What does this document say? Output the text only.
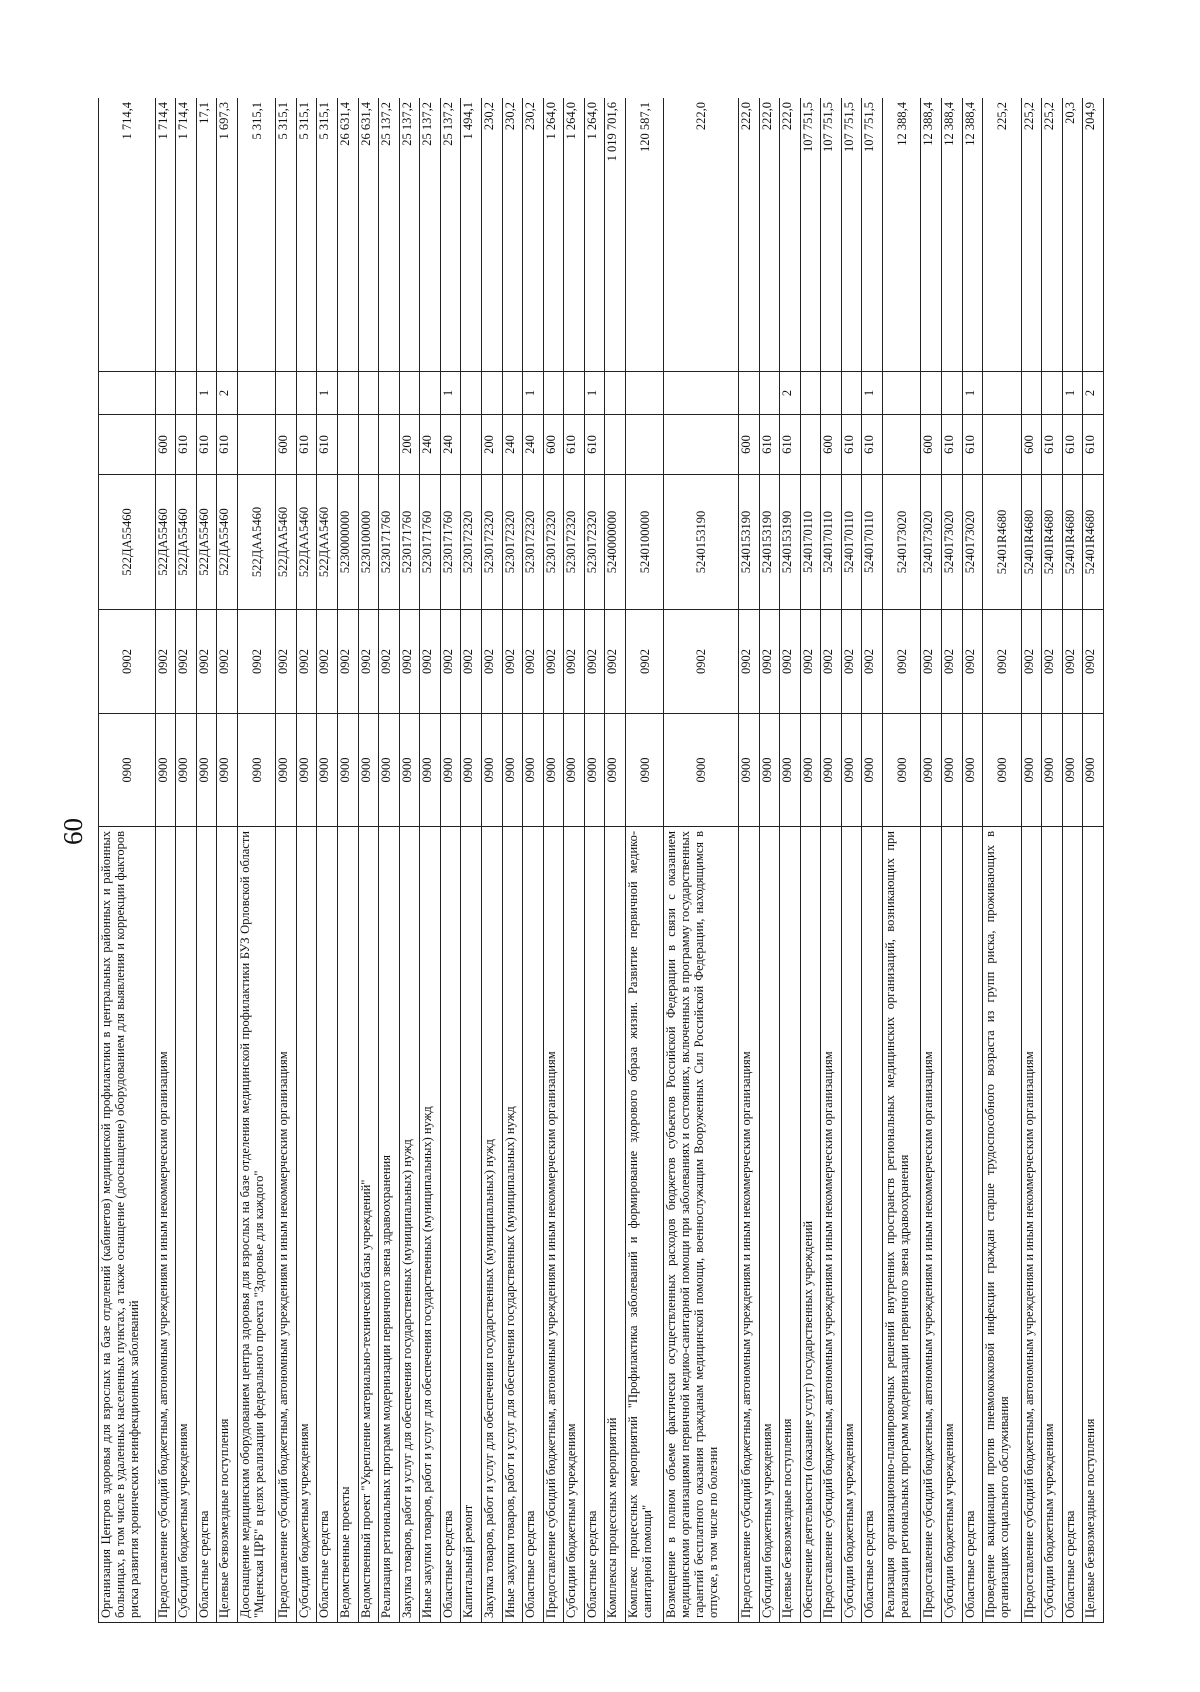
60 Организация Центров здоровья для взрослых на базе отделений (кабинетов) медицинской профилактики в центральных районных и районных больницах, в том числе в удаленных населенных пунктах, а также оснащение (дооснащение) оборудованием для выявления и коррекции факторов риска развития хронических неинфекционных заболеваний	0900	0902	522ДА55460			1 714,4
Предоставление субсидий бюджетным, автономным учреждениям и иным некоммерческим организациям	0900	0902	522ДА55460	600		1 714,4
Субсидии бюджетным учреждениям	0900	0902	522ДА55460	610		1 714,4
Областные средства	0900	0902	522ДА55460	610	1	17,1
Целевые безвозмездные поступления	0900	0902	522ДА55460	610	2	1 697,3
Дооснащение медицинским оборудованием центра здоровья для взрослых на базе отделения медицинской профилактики БУЗ Орловской области "Мценская ЦРБ" в целях реализации федерального проекта "Здоровье для каждого"	0900	0902	522ДАА5460			5 315,1
Предоставление субсидий бюджетным, автономным учреждениям и иным некоммерческим организациям	0900	0902	522ДАА5460	600		5 315,1
Субсидии бюджетным учреждениям	0900	0902	522ДАА5460	610		5 315,1
Областные средства	0900	0902	522ДАА5460	610	1	5 315,1
Ведомственные проекты	0900	0902	5230000000			26 631,4
Ведомственный проект "Укрепление материально-технической базы учреждений"	0900	0902	5230100000			26 631,4
Реализация региональных программ модернизации первичного звена здравоохранения	0900	0902	5230171760			25 137,2
Закупка товаров, работ и услуг для обеспечения государственных (муниципальных) нужд	0900	0902	5230171760	200		25 137,2
Иные закупки товаров, работ и услуг для обеспечения государственных (муниципальных) нужд	0900	0902	5230171760	240		25 137,2
Областные средства	0900	0902	5230171760	240	1	25 137,2
Капитальный ремонт	0900	0902	5230172320			1 494,1
Закупка товаров, работ и услуг для обеспечения государственных (муниципальных) нужд	0900	0902	5230172320	200		230,2
Иные закупки товаров, работ и услуг для обеспечения государственных (муниципальных) нужд	0900	0902	5230172320	240		230,2
Областные средства	0900	0902	5230172320	240	1	230,2
Предоставление субсидий бюджетным, автономным учреждениям и иным некоммерческим организациям	0900	0902	5230172320	600		1 264,0
Субсидии бюджетным учреждениям	0900	0902	5230172320	610		1 264,0
Областные средства	0900	0902	5230172320	610	1	1 264,0
Комплексы процессных мероприятий	0900	0902	5240000000			1 019 701,6
Комплекс процессных мероприятий "Профилактика заболеваний и формирование здорового образа жизни. Развитие первичной медико-санитарной помощи"	0900	0902	5240100000			120 587,1
Возмещение в полном объеме фактически осуществленных расходов бюджетов субъектов Российской Федерации в связи с оказанием медицинскими организациями первичной медико-санитарной помощи при заболеваниях и состояниях, включенных в программу государственных гарантий бесплатного оказания гражданам медицинской помощи, военнослужащим Вооруженных Сил Российской Федерации, находящимся в отпуске, в том числе по болезни	0900	0902	5240153190			222,0
Предоставление субсидий бюджетным, автономным учреждениям и иным некоммерческим организациям	0900	0902	5240153190	600		222,0
Субсидии бюджетным учреждениям	0900	0902	5240153190	610		222,0
Целевые безвозмездные поступления	0900	0902	5240153190	610	2	222,0
Обеспечение деятельности (оказание услуг) государственных учреждений	0900	0902	5240170110			107 751,5
Предоставление субсидий бюджетным, автономным учреждениям и иным некоммерческим организациям	0900	0902	5240170110	600		107 751,5
Субсидии бюджетным учреждениям	0900	0902	5240170110	610		107 751,5
Областные средства	0900	0902	5240170110	610	1	107 751,5
Реализация организационно-планировочных решений внутренних пространств региональных медицинских организаций, возникающих при реализации региональных программ модернизации первичного звена здравоохранения	0900	0902	5240173020			12 388,4
Предоставление субсидий бюджетным, автономным учреждениям и иным некоммерческим организациям	0900	0902	5240173020	600		12 388,4
Субсидии бюджетным учреждениям	0900	0902	5240173020	610		12 388,4
Областные средства	0900	0902	5240173020	610	1	12 388,4
Проведение вакцинации против пневмококковой инфекции граждан старше трудоспособного возраста из групп риска, проживающих в организациях социального обслуживания	0900	0902	52401R4680			225,2
Предоставление субсидий бюджетным, автономным учреждениям и иным некоммерческим организациям	0900	0902	52401R4680	600		225,2
Субсидии бюджетным учреждениям	0900	0902	52401R4680	610		225,2
Областные средства	0900	0902	52401R4680	610	1	20,3
Целевые безвозмездные поступления	0900	0902	52401R4680	610	2	204,9
